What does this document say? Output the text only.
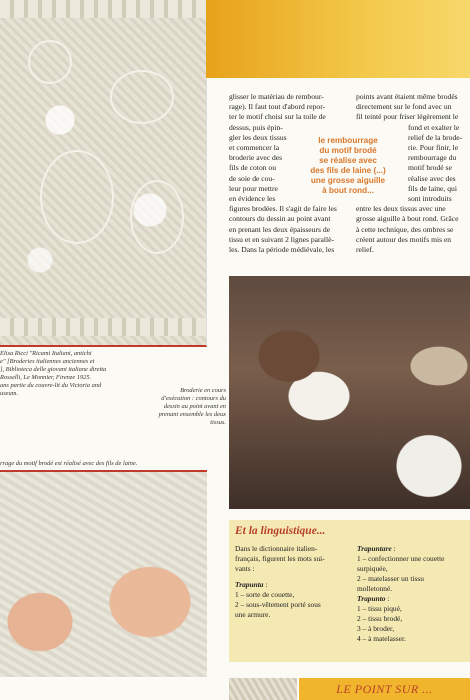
Elisa Ricci "Ricami Italiani, antichi
e" [Broderies italiennes anciennes et
], Biblioteca delle giovani italiane diretta
Rosselli, Le Monnier, Firenze 1925.
ans partie du couvre-lit du Victoria and
useum.	Broderie en cours
d'exécution : contours du
dessin au point avant en
prenant ensemble les deux
tissus.
rrage du motif brodé est réalisé avec des fils de laine.
glisser le matériau de rembour-
rage). Il faut tout d'abord repor-
ter le motif choisi sur la toile de
dessus, puis épin-
gler les deux tissus
et commencer la
broderie avec des
fils de coton ou
de soie de cou-
leur pour mettre
en évidence les
figures brodées. Il s'agit de faire les
contours du dessin au point avant
en prenant les deux épaisseurs de
tissu et en suivant 2 lignes parallè-
les. Dans la période médiévale, les
le rembourrage
du motif brodé
se réalise avec
des fils de laine (...)
une grosse aiguille
à bout rond...
points avant étaient même brodés
directement sur le fond avec un
fil teinté pour friser légèrement le
fond et exalter le
relief de la brode-
rie. Pour finir, le
rembourrage du
motif brodé se
réalise avec des
fils de laine, qui
sont introduits
entre les deux tissus avec une
grosse aiguille à bout rond. Grâce
à cette technique, des ombres se
créent autour des motifs mis en
relief.
Et la linguistique...
Dans le dictionnaire italien-
français, figurent les mots sui-
vants :
Trapunta :
1 – sorte de couette,
2 – sous-vêtement porté sous
une armure.
Trapuntare :
1 – confectionner une couette
surpiquée,
2 – matelasser un tissu
molletonné.
Trapunto :
1 – tissu piqué,
2 – tissu brodé,
3 – à broder,
4 – à matelasser.
LE POINT SUR ...
